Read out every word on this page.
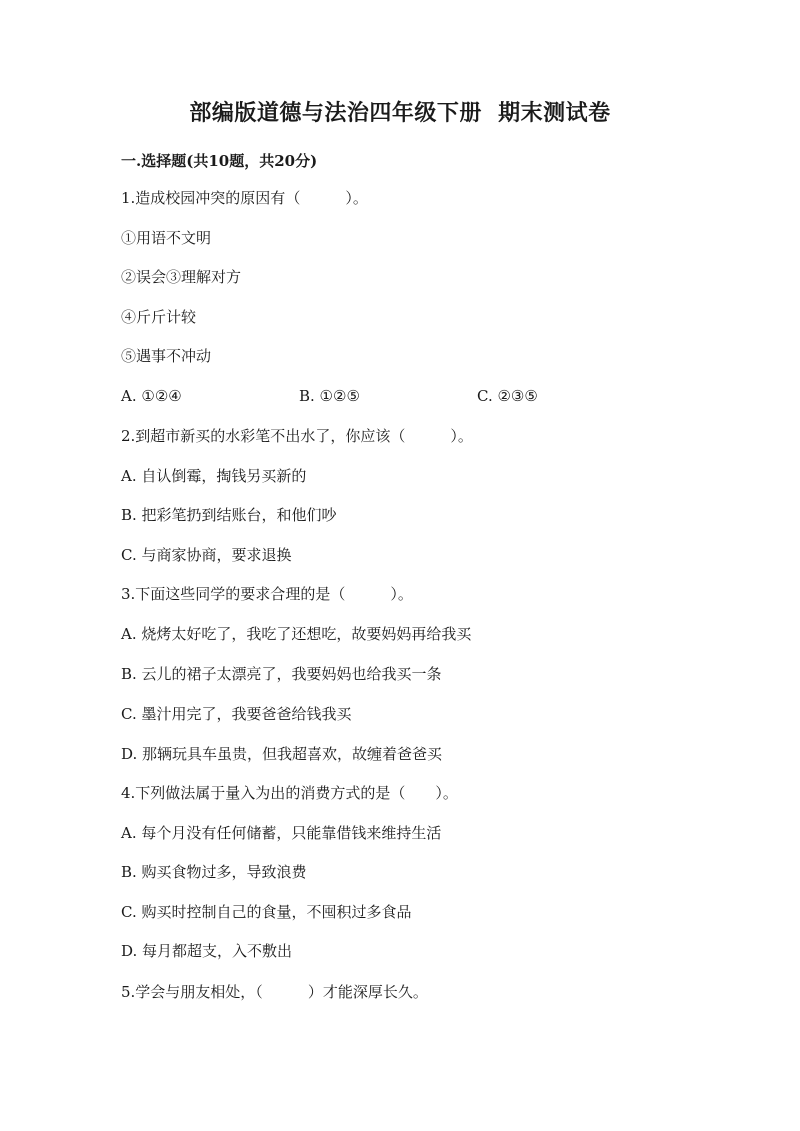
部编版道德与法治四年级下册  期末测试卷
一.选择题(共10题，共20分)
1.造成校园冲突的原因有（　　　）。
①用语不文明
②误会③理解对方
④斤斤计较
⑤遇事不冲动
A. ①②④	B. ①②⑤	C. ②③⑤
2.到超市新买的水彩笔不出水了，你应该（　　　）。
A. 自认倒霉，掏钱另买新的
B. 把彩笔扔到结账台，和他们吵
C. 与商家协商，要求退换
3.下面这些同学的要求合理的是（　　　）。
A. 烧烤太好吃了，我吃了还想吃，故要妈妈再给我买
B. 云儿的裙子太漂亮了，我要妈妈也给我买一条
C. 墨汁用完了，我要爸爸给钱我买
D. 那辆玩具车虽贵，但我超喜欢，故缠着爸爸买
4.下列做法属于量入为出的消费方式的是（　　）。
A. 每个月没有任何储蓄，只能靠借钱来维持生活
B. 购买食物过多，导致浪费
C. 购买时控制自己的食量，不囤积过多食品
D. 每月都超支，入不敷出
5.学会与朋友相处，（　　　）才能深厚长久。
